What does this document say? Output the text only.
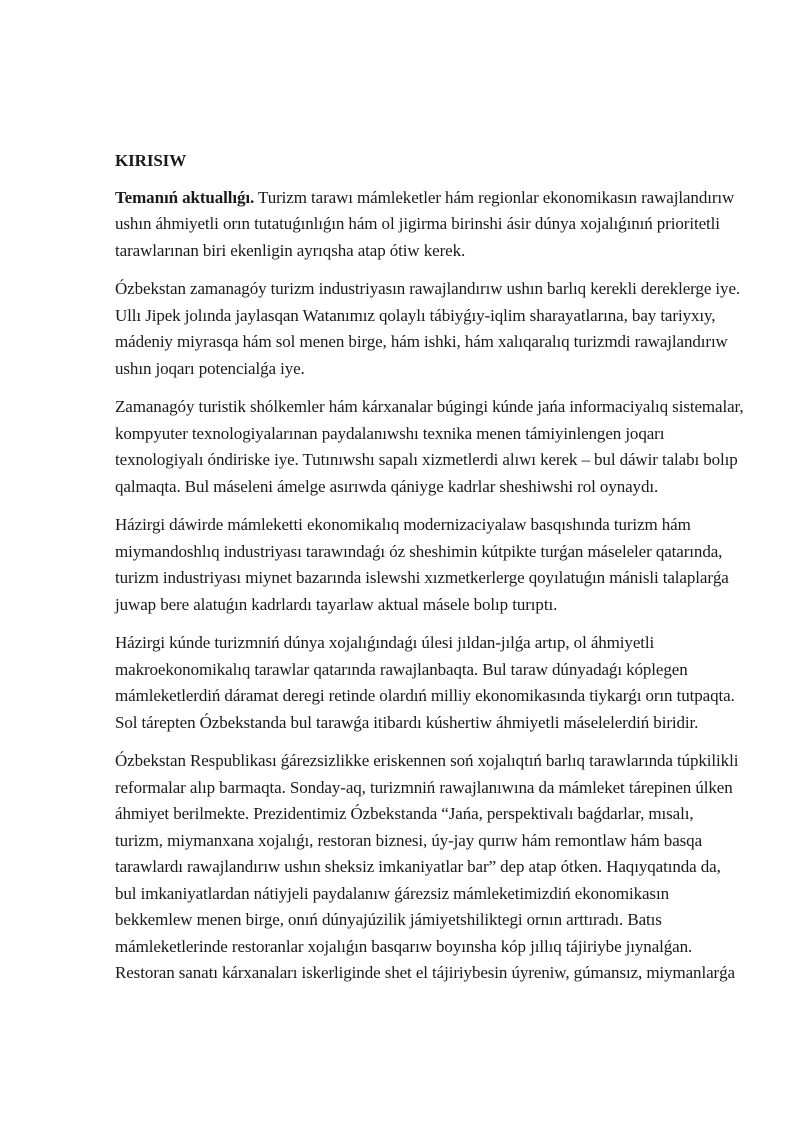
KIRISIW

Temanıń aktuallıǵı. Turizm tarawı mámleketler hám regionlar ekonomikasın rawajlandırıw ushın áhmiyetli orın tutatuǵınlıǵın hám ol jigirma birinshi ásir dúnya xojalıǵınıń prioritetli tarawlarınan biri ekenligin ayrıqsha atap ótiw kerek.

Ózbekstan zamanagóy turizm industriyasın rawajlandırıw ushın barlıq kerekli dereklerge iye. Ullı Jipek jolında jaylasqan Watanımız qolaylı tábiyǵıy-iqlim sharayatlarına, bay tariyxıy, mádeniy miyrasqa hám sol menen birge, hám ishki, hám xalıqaralıq turizmdi rawajlandırıw ushın joqarı potencialǵa iye.

Zamanagóy turistik shólkemler hám kárxanalar búgingi kúnde jańa informaciyalıq sistemalar, kompyuter texnologiyalarınan paydalanıwshı texnika menen támiyinlengen joqarı texnologiyalı óndiriske iye. Tutınıwshı sapalı xizmetlerdi alıwı kerek – bul dáwir talabı bolıp qalmaqta. Bul máseleni ámelge asırıwda qániyge kadrlar sheshiwshi rol oynaydı.

Házirgi dáwirde mámleketti ekonomikalıq modernizaciyalaw basqıshında turizm hám miymandoshlıq industriyası tarawındaǵı óz sheshimin kútpikte turǵan máseleler qatarında, turizm industriyası miynet bazarında islewshi xızmetkerlerge qoyılatuǵın mánisli talaplarǵa juwap bere alatuǵın kadrlardı tayarlaw aktual másele bolıp turıptı.

Házirgi kúnde turizmniń dúnya xojalıǵındaǵı úlesi jıldan-jılǵa artıp, ol áhmiyetli makroekonomikalıq tarawlar qatarında rawajlanbaqta. Bul taraw dúnyadaǵı kóplegen mámleketlerdiń dáramat deregi retinde olardıń milliy ekonomikasında tiykarǵı orın tutpaqta. Sol tárepten Ózbekstanda bul tarawǵa itibardı kúshertiw áhmiyetli máselelerdiń biridir.

Ózbekstan Respublikası ǵárezsizlikke eriskennen soń xojalıqtıń barlıq tarawlarında túpkilikli reformalar alıp barmaqta. Sonday-aq, turizmniń rawajlanıwına da mámleket tárepinen úlken áhmiyet berilmekte. Prezidentimiz Ózbekstanda “Jańa, perspektivalı baǵdarlar, mısalı, turizm, miymanxana xojalıǵı, restoran biznesi, úy-jay qurıw hám remontlaw hám basqa tarawlardı rawajlandırıw ushın sheksiz imkaniyatlar bar” dep atap ótken. Haqıyqatında da, bul imkaniyatlardan nátiyjeli paydalanıw ǵárezsiz mámleketimizdiń ekonomikasın bekkemlew menen birge, onıń dúnyajúzilik jámiyetshiliktegi ornın arttıradı. Batıs mámleketlerinde restoranlar xojalıǵın basqarıw boyınsha kóp jıllıq tájiriybe jıynalǵan. Restoran sanatı kárxanaları iskerliginde shet el tájiriybesin úyreniw, gúmansız, miymanlarǵa
